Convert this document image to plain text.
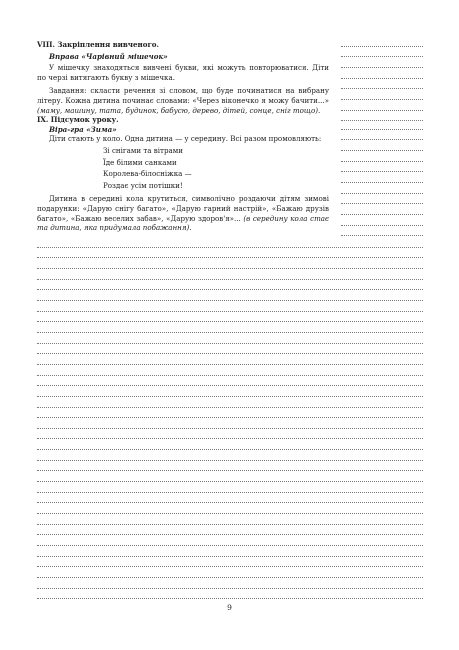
VIII. Закріплення вивченого.

Вправа «Чарівний мішечок»

У мішечку знаходяться вивчені букви, які можуть повторюватися. Діти по черзі витягають букву з мішечка.

Завдання: скласти речення зі словом, що буде починатися на вибрану літеру. Кожна дитина починає словами: «Через віконечко я можу бачити...» (маму, машину, тата, будинок, бабусю, дерево, дітей, сонце, сніг тощо).

IX. Підсумок уроку.

Віра-гра «Зима»

Діти стають у коло. Одна дитина — у середину. Всі разом промовляють:

Зі снігами та вітрами

Їде білими санками

Королева-білосніжка —

Роздає усім потішки!

Дитина в середині кола крутиться, символічно роздаючи дітям зимові подарунки: «Дарую снігу багато», «Дарую гарний настрій», «Бажаю друзів багато», «Бажаю веселих забав», «Дарую здоров'я»... (в середину кола стає та дитина, яка придумала побажання).

9
